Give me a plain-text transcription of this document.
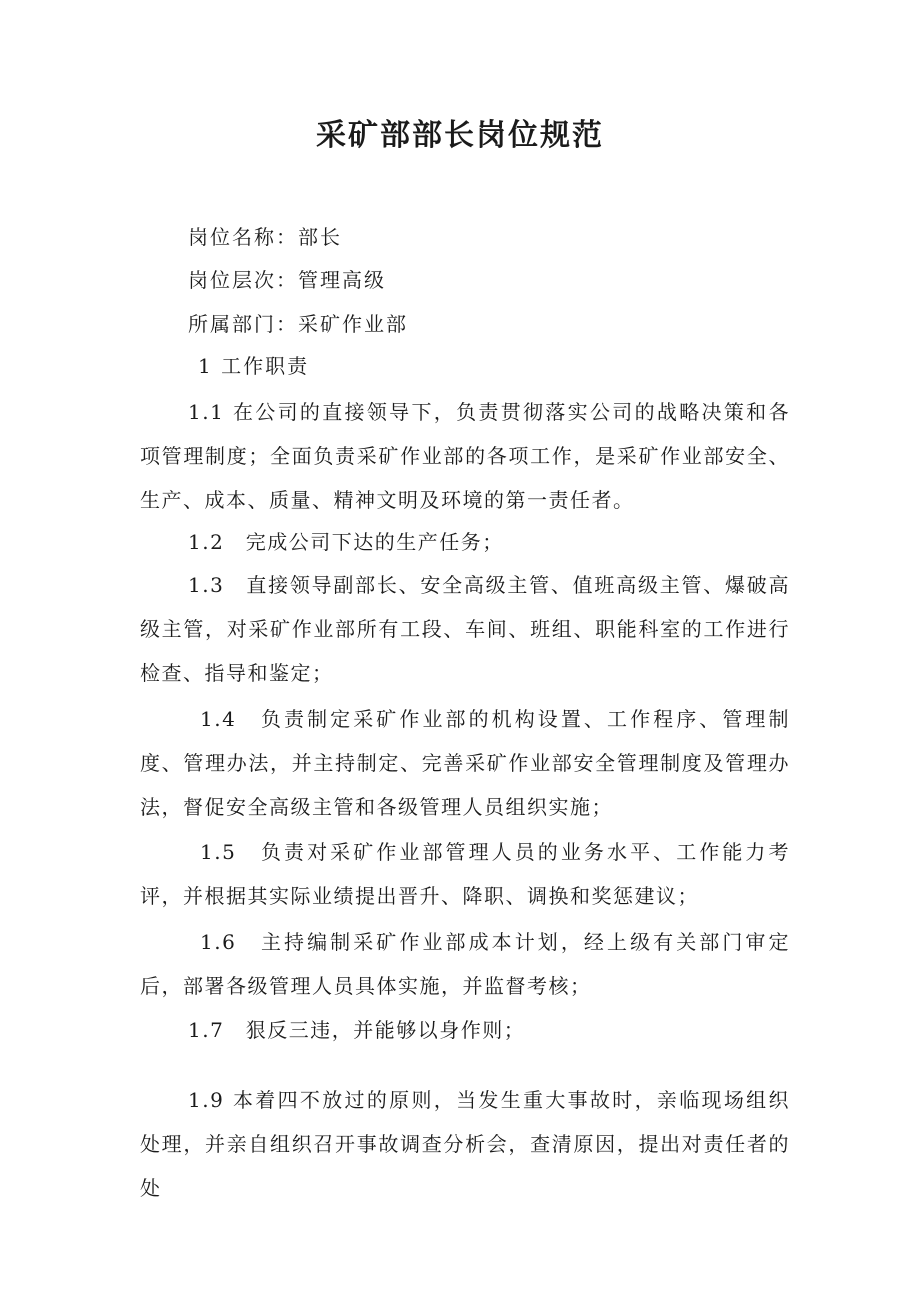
采矿部部长岗位规范
岗位名称：部长
岗位层次：管理高级
所属部门：采矿作业部
1 工作职责
1.1 在公司的直接领导下，负责贯彻落实公司的战略决策和各项管理制度；全面负责采矿作业部的各项工作，是采矿作业部安全、生产、成本、质量、精神文明及环境的第一责任者。
1.2　完成公司下达的生产任务；
1.3　直接领导副部长、安全高级主管、值班高级主管、爆破高级主管，对采矿作业部所有工段、车间、班组、职能科室的工作进行检查、指导和鉴定；
1.4　负责制定采矿作业部的机构设置、工作程序、管理制度、管理办法，并主持制定、完善采矿作业部安全管理制度及管理办法，督促安全高级主管和各级管理人员组织实施；
1.5　负责对采矿作业部管理人员的业务水平、工作能力考评，并根据其实际业绩提出晋升、降职、调换和奖惩建议；
1.6　主持编制采矿作业部成本计划，经上级有关部门审定后，部署各级管理人员具体实施，并监督考核；
1.7　狠反三违，并能够以身作则；
1.9 本着四不放过的原则，当发生重大事故时，亲临现场组织处理，并亲自组织召开事故调查分析会，查清原因，提出对责任者的处
